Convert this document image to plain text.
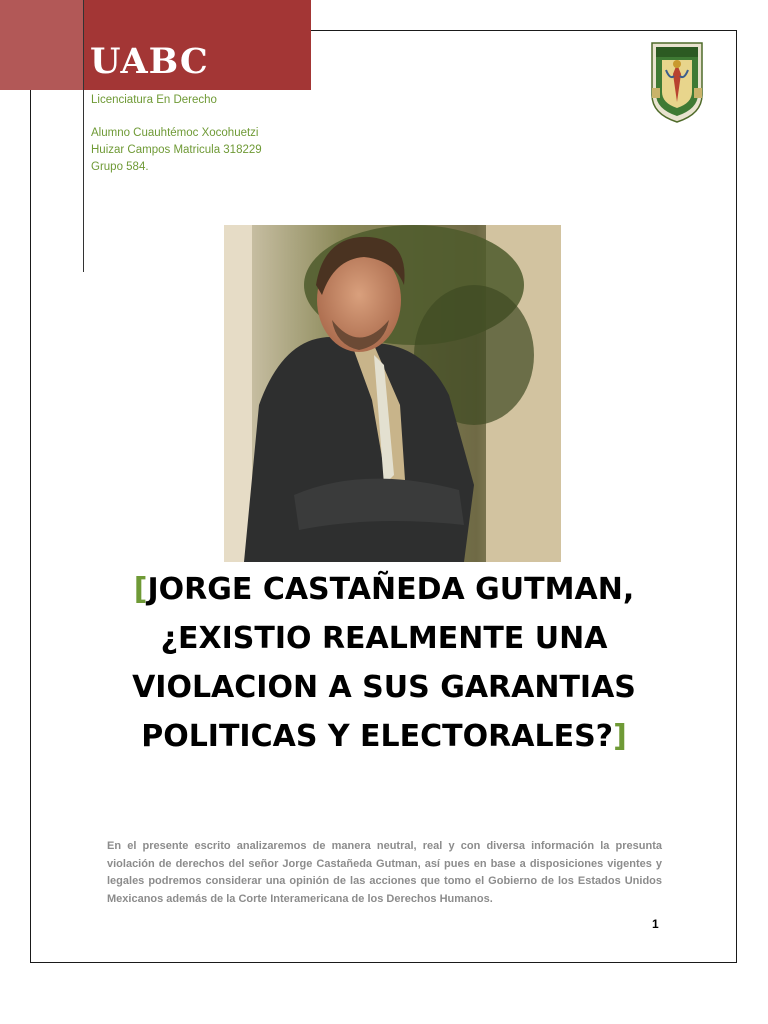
UABC
Licenciatura En Derecho
Alumno Cuauhtémoc Xocohuetzi
Huizar Campos Matricula 318229
Grupo 584.
[JORGE CASTAÑEDA GUTMAN, ¿EXISTIO REALMENTE UNA VIOLACION A SUS GARANTIAS POLITICAS Y ELECTORALES?]
En el presente escrito analizaremos de manera neutral, real y con diversa información la presunta violación de derechos del señor Jorge Castañeda Gutman, así pues en base a disposiciones vigentes y legales podremos considerar una opinión de las acciones que tomo el Gobierno de los Estados Unidos Mexicanos además de la Corte Interamericana de los Derechos Humanos.
1
